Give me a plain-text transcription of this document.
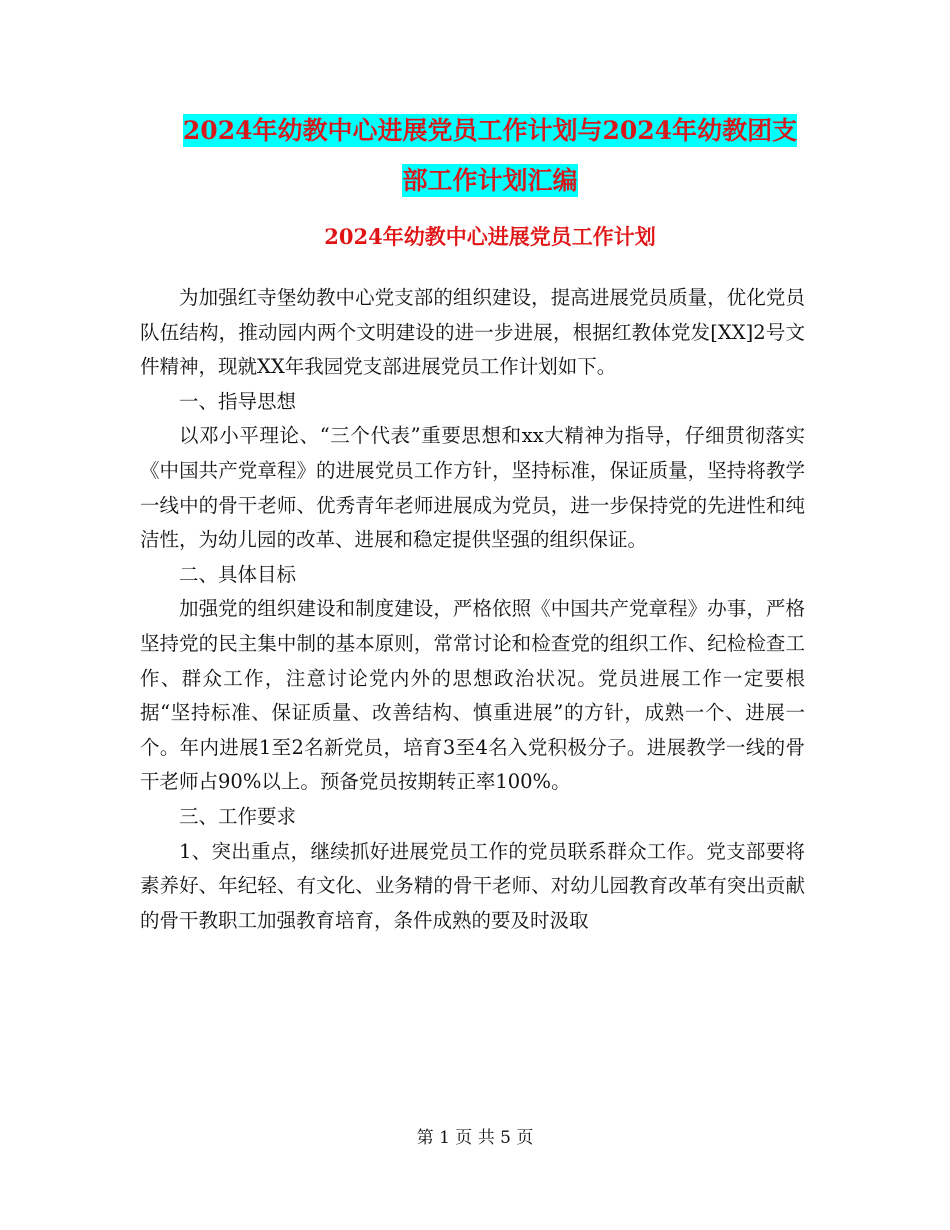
2024年幼教中心进展党员工作计划与2024年幼教团支
部工作计划汇编
2024年幼教中心进展党员工作计划

为加强红寺堡幼教中心党支部的组织建设，提高进展党员质量，优化党员队伍结构，推动园内两个文明建设的进一步进展，根据红教体党发[XX]2号文件精神，现就XX年我园党支部进展党员工作计划如下。

一、指导思想

以邓小平理论、“三个代表”重要思想和xx大精神为指导，仔细贯彻落实《中国共产党章程》的进展党员工作方针，坚持标准，保证质量，坚持将教学一线中的骨干老师、优秀青年老师进展成为党员，进一步保持党的先进性和纯洁性，为幼儿园的改革、进展和稳定提供坚强的组织保证。

二、具体目标

加强党的组织建设和制度建设，严格依照《中国共产党章程》办事，严格坚持党的民主集中制的基本原则，常常讨论和检查党的组织工作、纪检检查工作、群众工作，注意讨论党内外的思想政治状况。党员进展工作一定要根据“坚持标准、保证质量、改善结构、慎重进展”的方针，成熟一个、进展一个。年内进展1至2名新党员，培育3至4名入党积极分子。进展教学一线的骨干老师占90%以上。预备党员按期转正率100%。

三、工作要求

1、突出重点，继续抓好进展党员工作的党员联系群众工作。党支部要将素养好、年纪轻、有文化、业务精的骨干老师、对幼儿园教育改革有突出贡献的骨干教职工加强教育培育，条件成熟的要及时汲取

第 1 页 共 5 页
